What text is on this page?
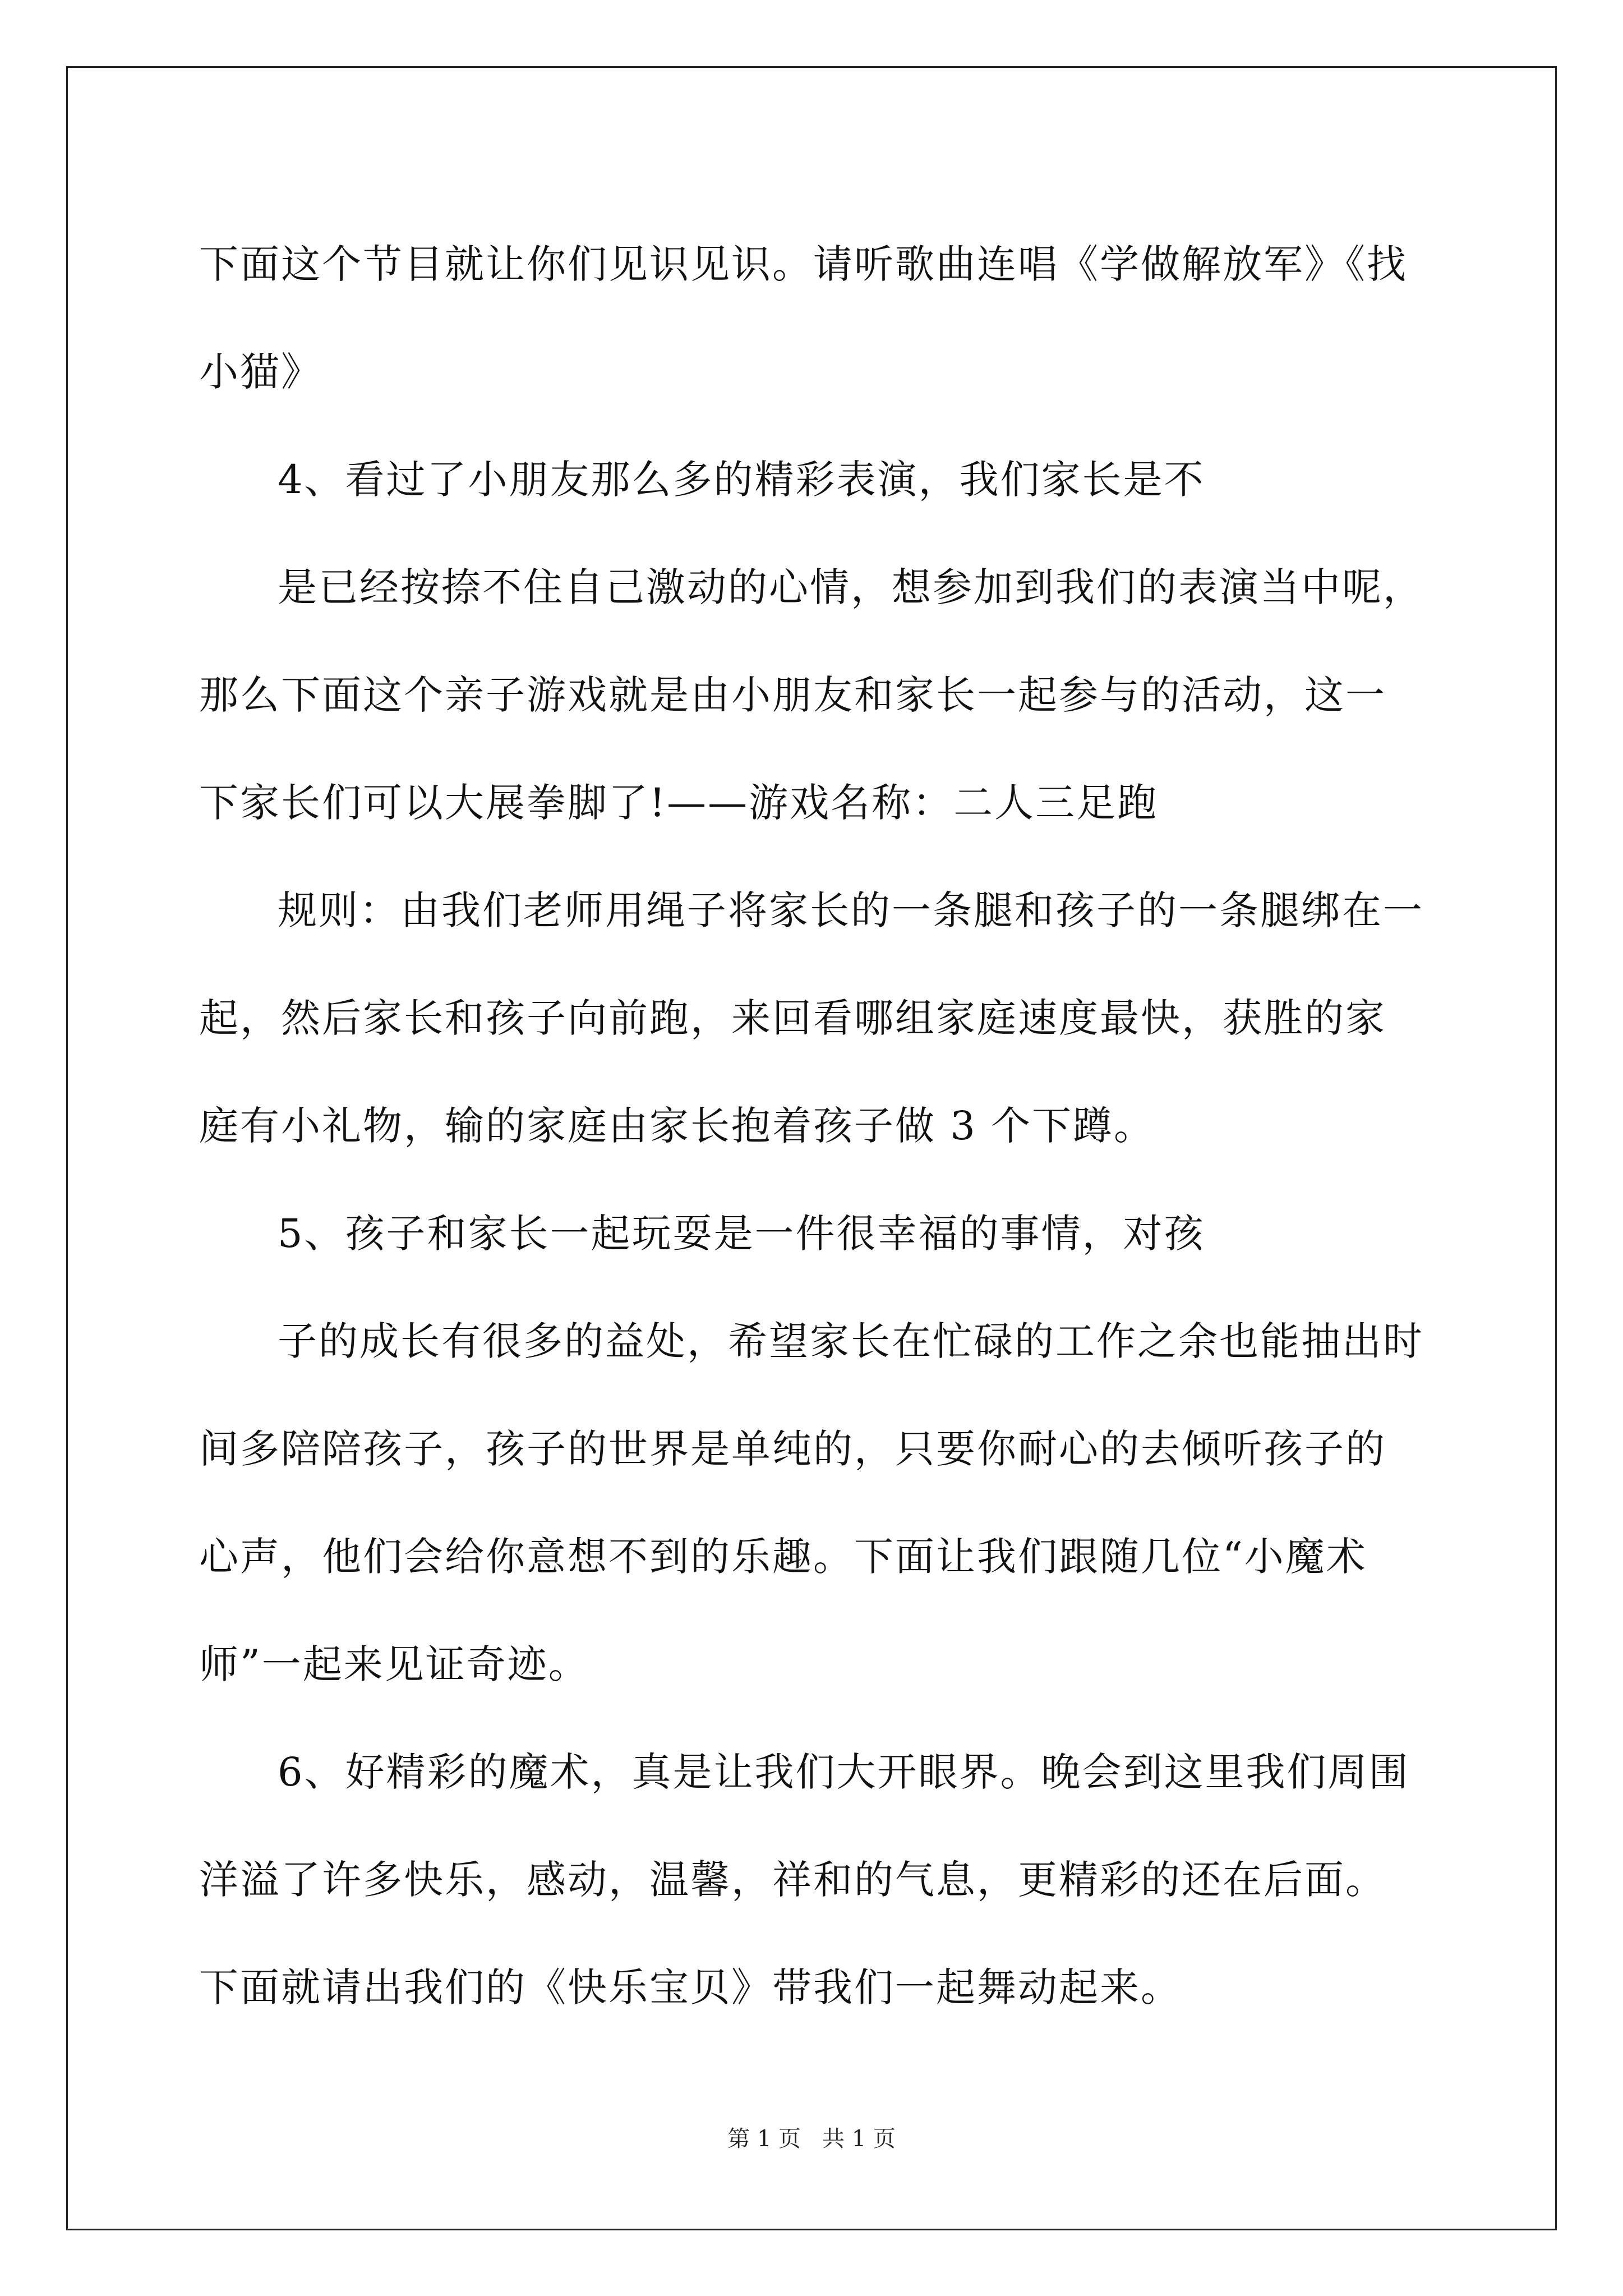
下面这个节目就让你们见识见识。请听歌曲连唱《学做解放军》《找小猫》

4、看过了小朋友那么多的精彩表演，我们家长是不

是已经按捺不住自己激动的心情，想参加到我们的表演当中呢，那么下面这个亲子游戏就是由小朋友和家长一起参与的活动，这一下家长们可以大展拳脚了!——游戏名称：二人三足跑

规则：由我们老师用绳子将家长的一条腿和孩子的一条腿绑在一起，然后家长和孩子向前跑，来回看哪组家庭速度最快，获胜的家庭有小礼物，输的家庭由家长抱着孩子做 3 个下蹲。

5、孩子和家长一起玩耍是一件很幸福的事情，对孩

子的成长有很多的益处，希望家长在忙碌的工作之余也能抽出时间多陪陪孩子，孩子的世界是单纯的，只要你耐心的去倾听孩子的心声，他们会给你意想不到的乐趣。下面让我们跟随几位“小魔术师”一起来见证奇迹。

6、好精彩的魔术，真是让我们大开眼界。晚会到这里我们周围洋溢了许多快乐，感动，温馨，祥和的气息，更精彩的还在后面。下面就请出我们的《快乐宝贝》带我们一起舞动起来。

第 1 页 共 1 页
